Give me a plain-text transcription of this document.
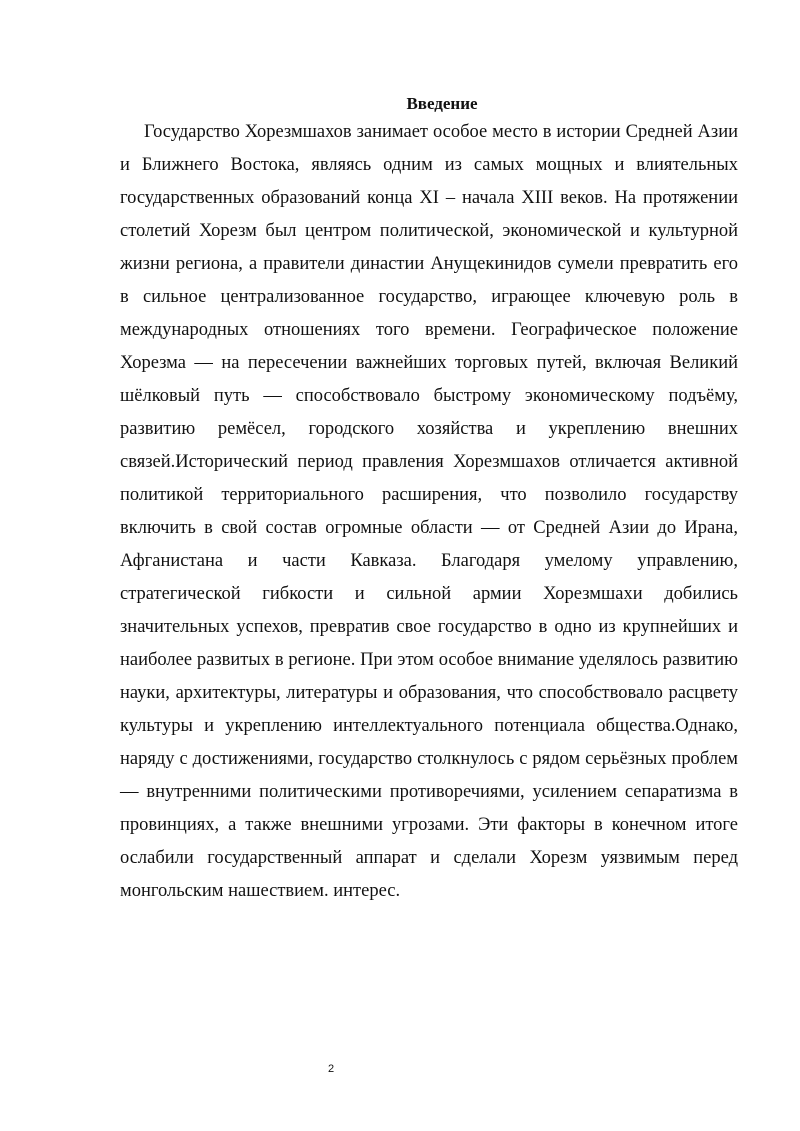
Введение

Государство Хорезмшахов занимает особое место в истории Средней Азии и Ближнего Востока, являясь одним из самых мощных и влиятельных государственных образований конца XI – начала XIII веков. На протяжении столетий Хорезм был центром политической, экономической и культурной жизни региона, а правители династии Анущекинидов сумели превратить его в сильное централизованное государство, играющее ключевую роль в международных отношениях того времени. Географическое положение Хорезма — на пересечении важнейших торговых путей, включая Великий шёлковый путь — способствовало быстрому экономическому подъёму, развитию ремёсел, городского хозяйства и укреплению внешних связей.Исторический период правления Хорезмшахов отличается активной политикой территориального расширения, что позволило государству включить в свой состав огромные области — от Средней Азии до Ирана, Афганистана и части Кавказа. Благодаря умелому управлению, стратегической гибкости и сильной армии Хорезмшахи добились значительных успехов, превратив свое государство в одно из крупнейших и наиболее развитых в регионе. При этом особое внимание уделялось развитию науки, архитектуры, литературы и образования, что способствовало расцвету культуры и укреплению интеллектуального потенциала общества.Однако, наряду с достижениями, государство столкнулось с рядом серьёзных проблем — внутренними политическими противоречиями, усилением сепаратизма в провинциях, а также внешними угрозами. Эти факторы в конечном итоге ослабили государственный аппарат и сделали Хорезм уязвимым перед монгольским нашествием. интерес.

2
